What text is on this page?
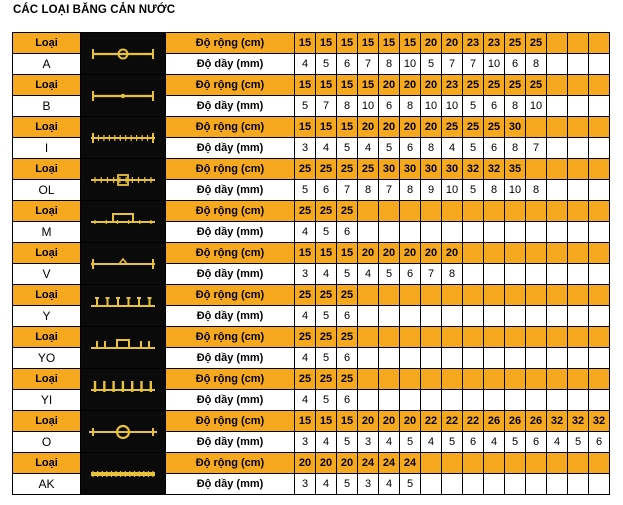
CÁC LOẠI BĂNG CẢN NƯỚC
Loại		Độ rộng (cm)	15	15	15	15	15	15	20	20	23	23	25	25			
A		Độ dầy (mm)	4	5	6	7	8	10	5	7	7	10	6	8			
Loại		Độ rộng (cm)	15	15	15	15	20	20	20	23	25	25	25	25			
B		Độ dầy (mm)	5	7	8	10	6	8	10	10	5	6	8	10			
Loại		Độ rộng (cm)	15	15	15	20	20	20	20	25	25	25	30				
I		Độ dầy (mm)	3	4	5	4	5	6	8	4	5	6	8	7			
Loại		Độ rộng (cm)	25	25	25	25	30	30	30	30	32	32	35				
OL		Độ dầy (mm)	5	6	7	8	7	8	9	10	5	8	10	8			
Loại		Độ rộng (cm)	25	25	25												
M		Độ dầy (mm)	4	5	6												
Loại		Độ rộng (cm)	15	15	15	20	20	20	20	20							
V		Độ dầy (mm)	3	4	5	4	5	6	7	8							
Loại		Độ rộng (cm)	25	25	25												
Y		Độ dầy (mm)	4	5	6												
Loại		Độ rộng (cm)	25	25	25												
YO		Độ dầy (mm)	4	5	6												
Loại		Độ rộng (cm)	25	25	25												
YI		Độ dầy (mm)	4	5	6												
Loại		Độ rộng (cm)	15	15	15	20	20	20	22	22	22	26	26	26	32	32	32
O		Độ dầy (mm)	3	4	5	3	4	5	4	5	6	4	5	6	4	5	6
Loại		Độ rộng (cm)	20	20	20	24	24	24									
AK		Độ dầy (mm)	3	4	5	3	4	5									
